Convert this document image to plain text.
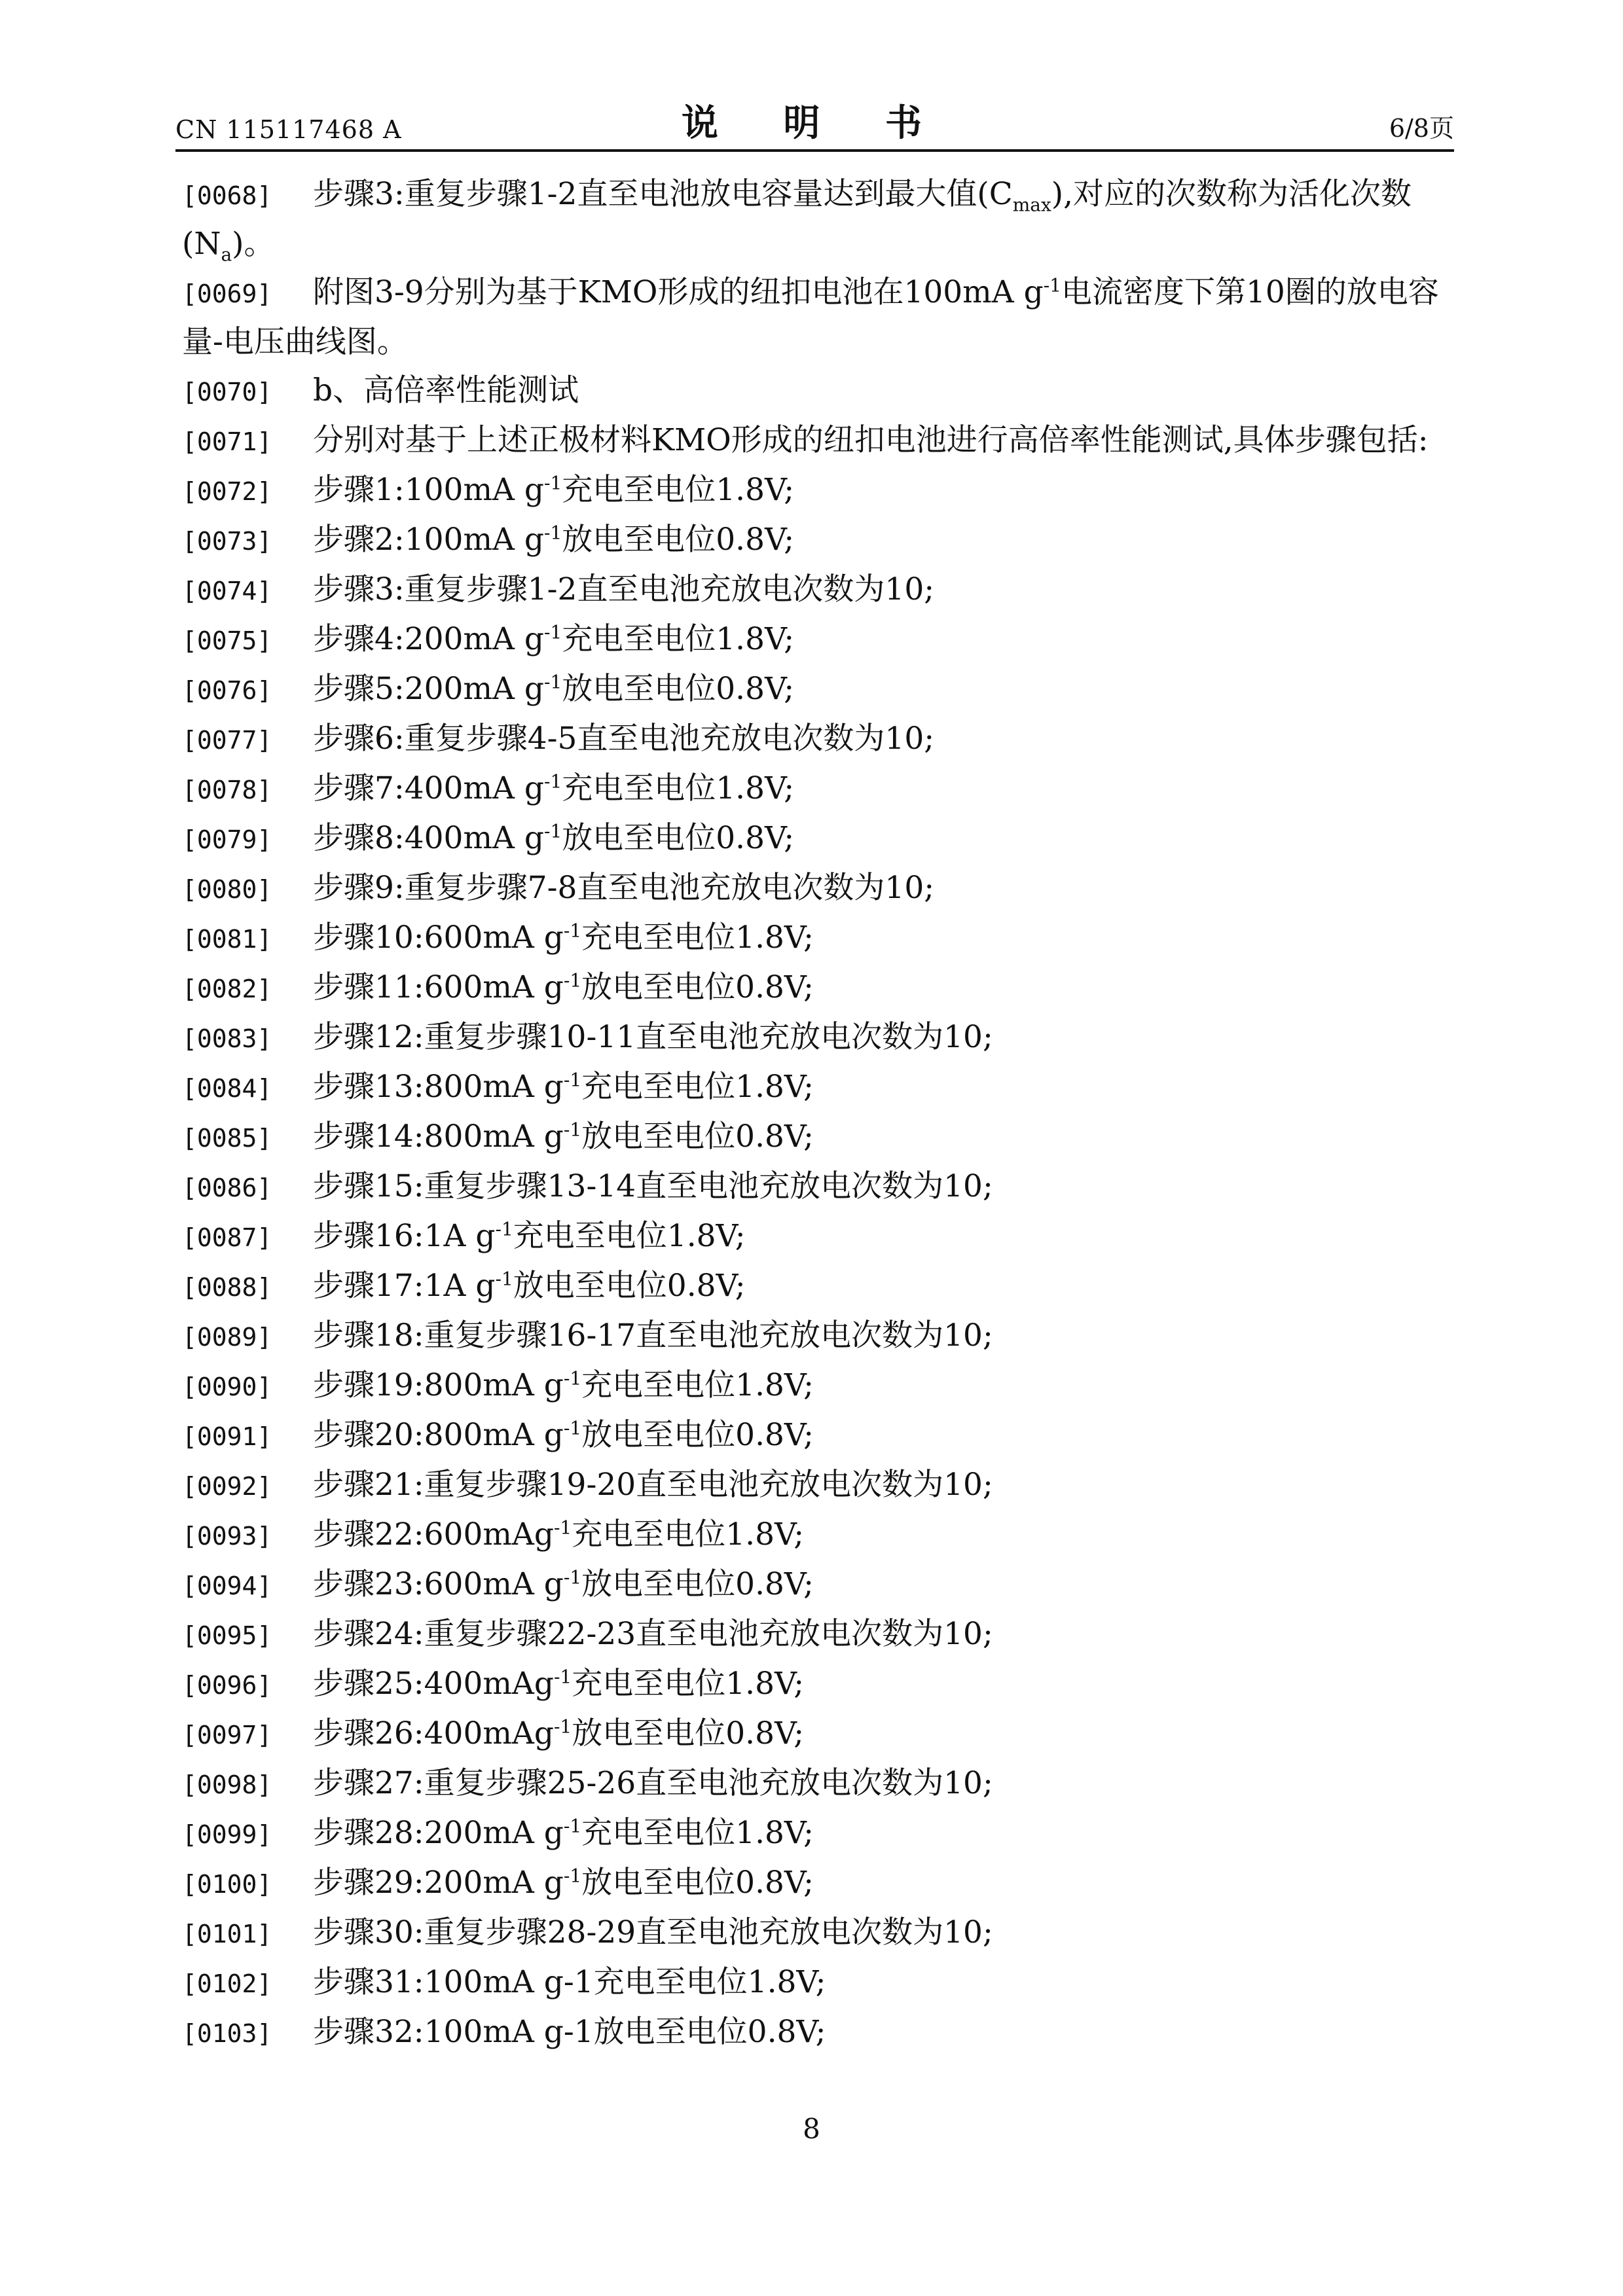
CN 115117468 A	说 明 书	6/8页
[0068] 步骤3:重复步骤1-2直至电池放电容量达到最大值$(C_{max})$,对应的次数称为活化次数$(N_a)$。
[0069] 附图3-9分别为基于KMO形成的纽扣电池在100mA $g^{-1}$电流密度下第10圈的放电容量-电压曲线图。
[0070] b、高倍率性能测试
[0071] 分别对基于上述正极材料KMO形成的纽扣电池进行高倍率性能测试,具体步骤包括:
[0072] 步骤1:100mA $g^{-1}$充电至电位1.8V;
[0073] 步骤2:100mA $g^{-1}$放电至电位0.8V;
[0074] 步骤3:重复步骤1-2直至电池充放电次数为10;
[0075] 步骤4:200mA $g^{-1}$充电至电位1.8V;
[0076] 步骤5:200mA $g^{-1}$放电至电位0.8V;
[0077] 步骤6:重复步骤4-5直至电池充放电次数为10;
[0078] 步骤7:400mA $g^{-1}$充电至电位1.8V;
[0079] 步骤8:400mA $g^{-1}$放电至电位0.8V;
[0080] 步骤9:重复步骤7-8直至电池充放电次数为10;
[0081] 步骤10:600mA $g^{-1}$充电至电位1.8V;
[0082] 步骤11:600mA $g^{-1}$放电至电位0.8V;
[0083] 步骤12:重复步骤10-11直至电池充放电次数为10;
[0084] 步骤13:800mA $g^{-1}$充电至电位1.8V;
[0085] 步骤14:800mA $g^{-1}$放电至电位0.8V;
[0086] 步骤15:重复步骤13-14直至电池充放电次数为10;
[0087] 步骤16:1A $g^{-1}$充电至电位1.8V;
[0088] 步骤17:1A $g^{-1}$放电至电位0.8V;
[0089] 步骤18:重复步骤16-17直至电池充放电次数为10;
[0090] 步骤19:800mA $g^{-1}$充电至电位1.8V;
[0091] 步骤20:800mA $g^{-1}$放电至电位0.8V;
[0092] 步骤21:重复步骤19-20直至电池充放电次数为10;
[0093] 步骤22:600mAg$^{-1}$充电至电位1.8V;
[0094] 步骤23:600mA $g^{-1}$放电至电位0.8V;
[0095] 步骤24:重复步骤22-23直至电池充放电次数为10;
[0096] 步骤25:400mAg$^{-1}$充电至电位1.8V;
[0097] 步骤26:400mAg$^{-1}$放电至电位0.8V;
[0098] 步骤27:重复步骤25-26直至电池充放电次数为10;
[0099] 步骤28:200mA $g^{-1}$充电至电位1.8V;
[0100] 步骤29:200mA $g^{-1}$放电至电位0.8V;
[0101] 步骤30:重复步骤28-29直至电池充放电次数为10;
[0102] 步骤31:100mA g-1充电至电位1.8V;
[0103] 步骤32:100mA g-1放电至电位0.8V;
8
